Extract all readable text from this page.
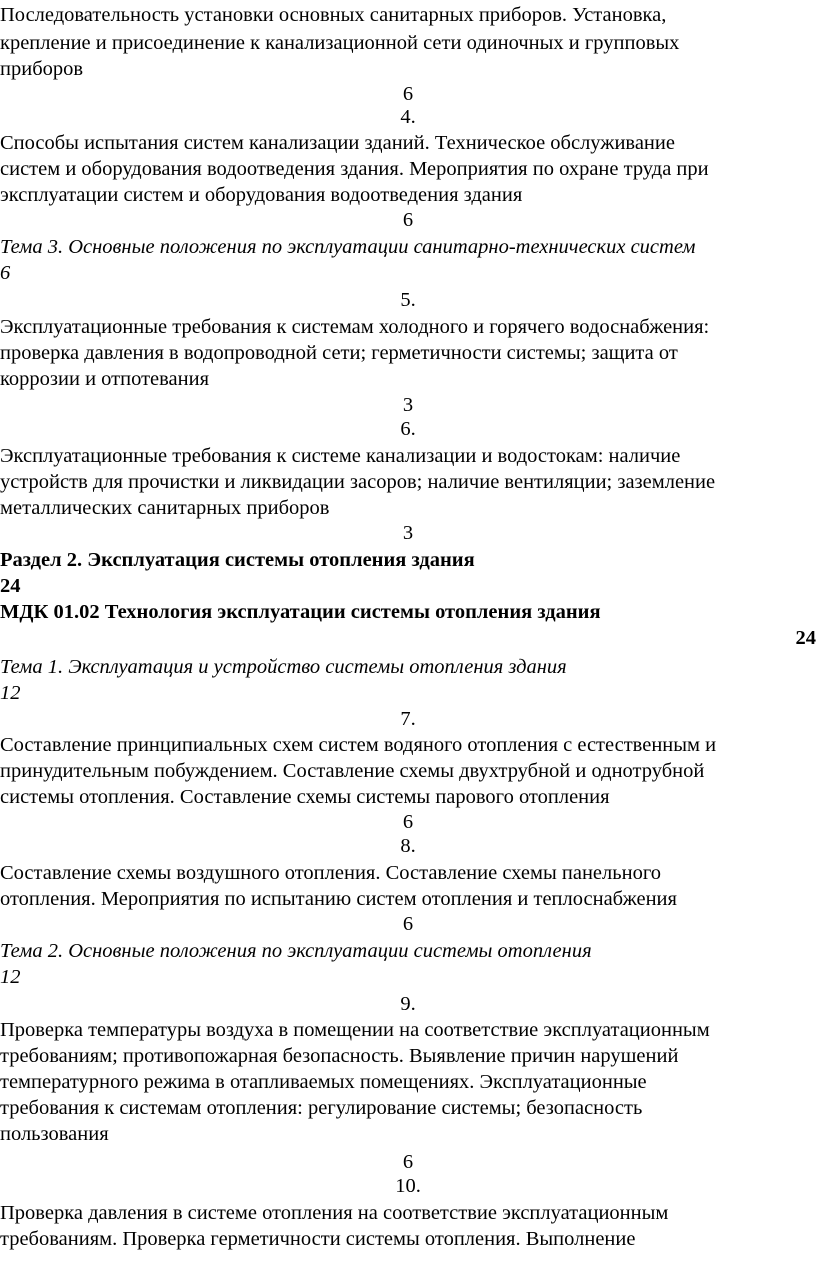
Последовательность установки основных санитарных приборов. Установка,
крепление и присоединение к канализационной сети одиночных и групповых
приборов
6
4.
Способы испытания систем канализации зданий. Техническое обслуживание
систем и оборудования водоотведения здания. Мероприятия по охране труда при
эксплуатации систем и оборудования водоотведения здания
6
Тема 3. Основные положения по эксплуатации санитарно-технических систем
6
5.
Эксплуатационные требования к системам холодного и горячего водоснабжения:
проверка давления в водопроводной сети; герметичности системы; защита от
коррозии и отпотевания
3
6.
Эксплуатационные требования к системе канализации и водостокам: наличие
устройств для прочистки и ликвидации засоров; наличие вентиляции; заземление
металлических санитарных приборов
3
Раздел 2. Эксплуатация системы отопления здания
24
МДК 01.02 Технология эксплуатации системы отопления здания
24
Тема 1. Эксплуатация и устройство системы отопления здания
12
7.
Составление принципиальных схем систем водяного отопления с естественным и
принудительным побуждением. Составление схемы двухтрубной и однотрубной
системы отопления. Составление схемы системы парового отопления
6
8.
Составление схемы воздушного отопления. Составление схемы панельного
отопления. Мероприятия по испытанию систем отопления и теплоснабжения
6
Тема 2. Основные положения по эксплуатации системы отопления
12
9.
Проверка температуры воздуха в помещении на соответствие эксплуатационным
требованиям; противопожарная безопасность. Выявление причин нарушений
температурного режима в отапливаемых помещениях. Эксплуатационные
требования к системам отопления: регулирование системы; безопасность
пользования
6
10.
Проверка давления в системе отопления на соответствие эксплуатационным
требованиям. Проверка герметичности системы отопления. Выполнение
